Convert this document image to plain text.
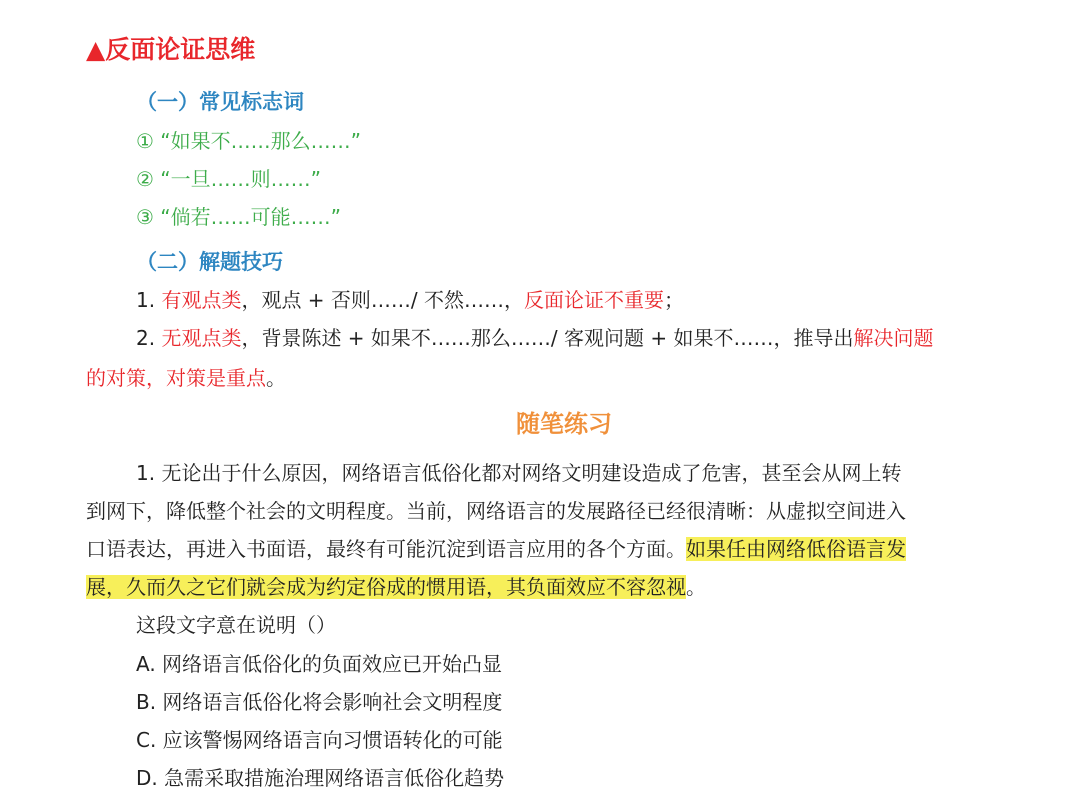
▲反面论证思维
（一）常见标志词
① “如果不……那么……”
② “一旦……则……”
③ “倘若……可能……”
（二）解题技巧
1. 有观点类，观点 + 否则……/ 不然……，反面论证不重要；
2. 无观点类，背景陈述 + 如果不……那么……/ 客观问题 + 如果不……，推导出解决问题
的对策，对策是重点。
随笔练习
1. 无论出于什么原因，网络语言低俗化都对网络文明建设造成了危害，甚至会从网上转
到网下，降低整个社会的文明程度。当前，网络语言的发展路径已经很清晰：从虚拟空间进入
口语表达，再进入书面语，最终有可能沉淀到语言应用的各个方面。如果任由网络低俗语言发
展，久而久之它们就会成为约定俗成的惯用语，其负面效应不容忽视。
这段文字意在说明（）
A. 网络语言低俗化的负面效应已开始凸显
B. 网络语言低俗化将会影响社会文明程度
C. 应该警惕网络语言向习惯语转化的可能
D. 急需采取措施治理网络语言低俗化趋势
